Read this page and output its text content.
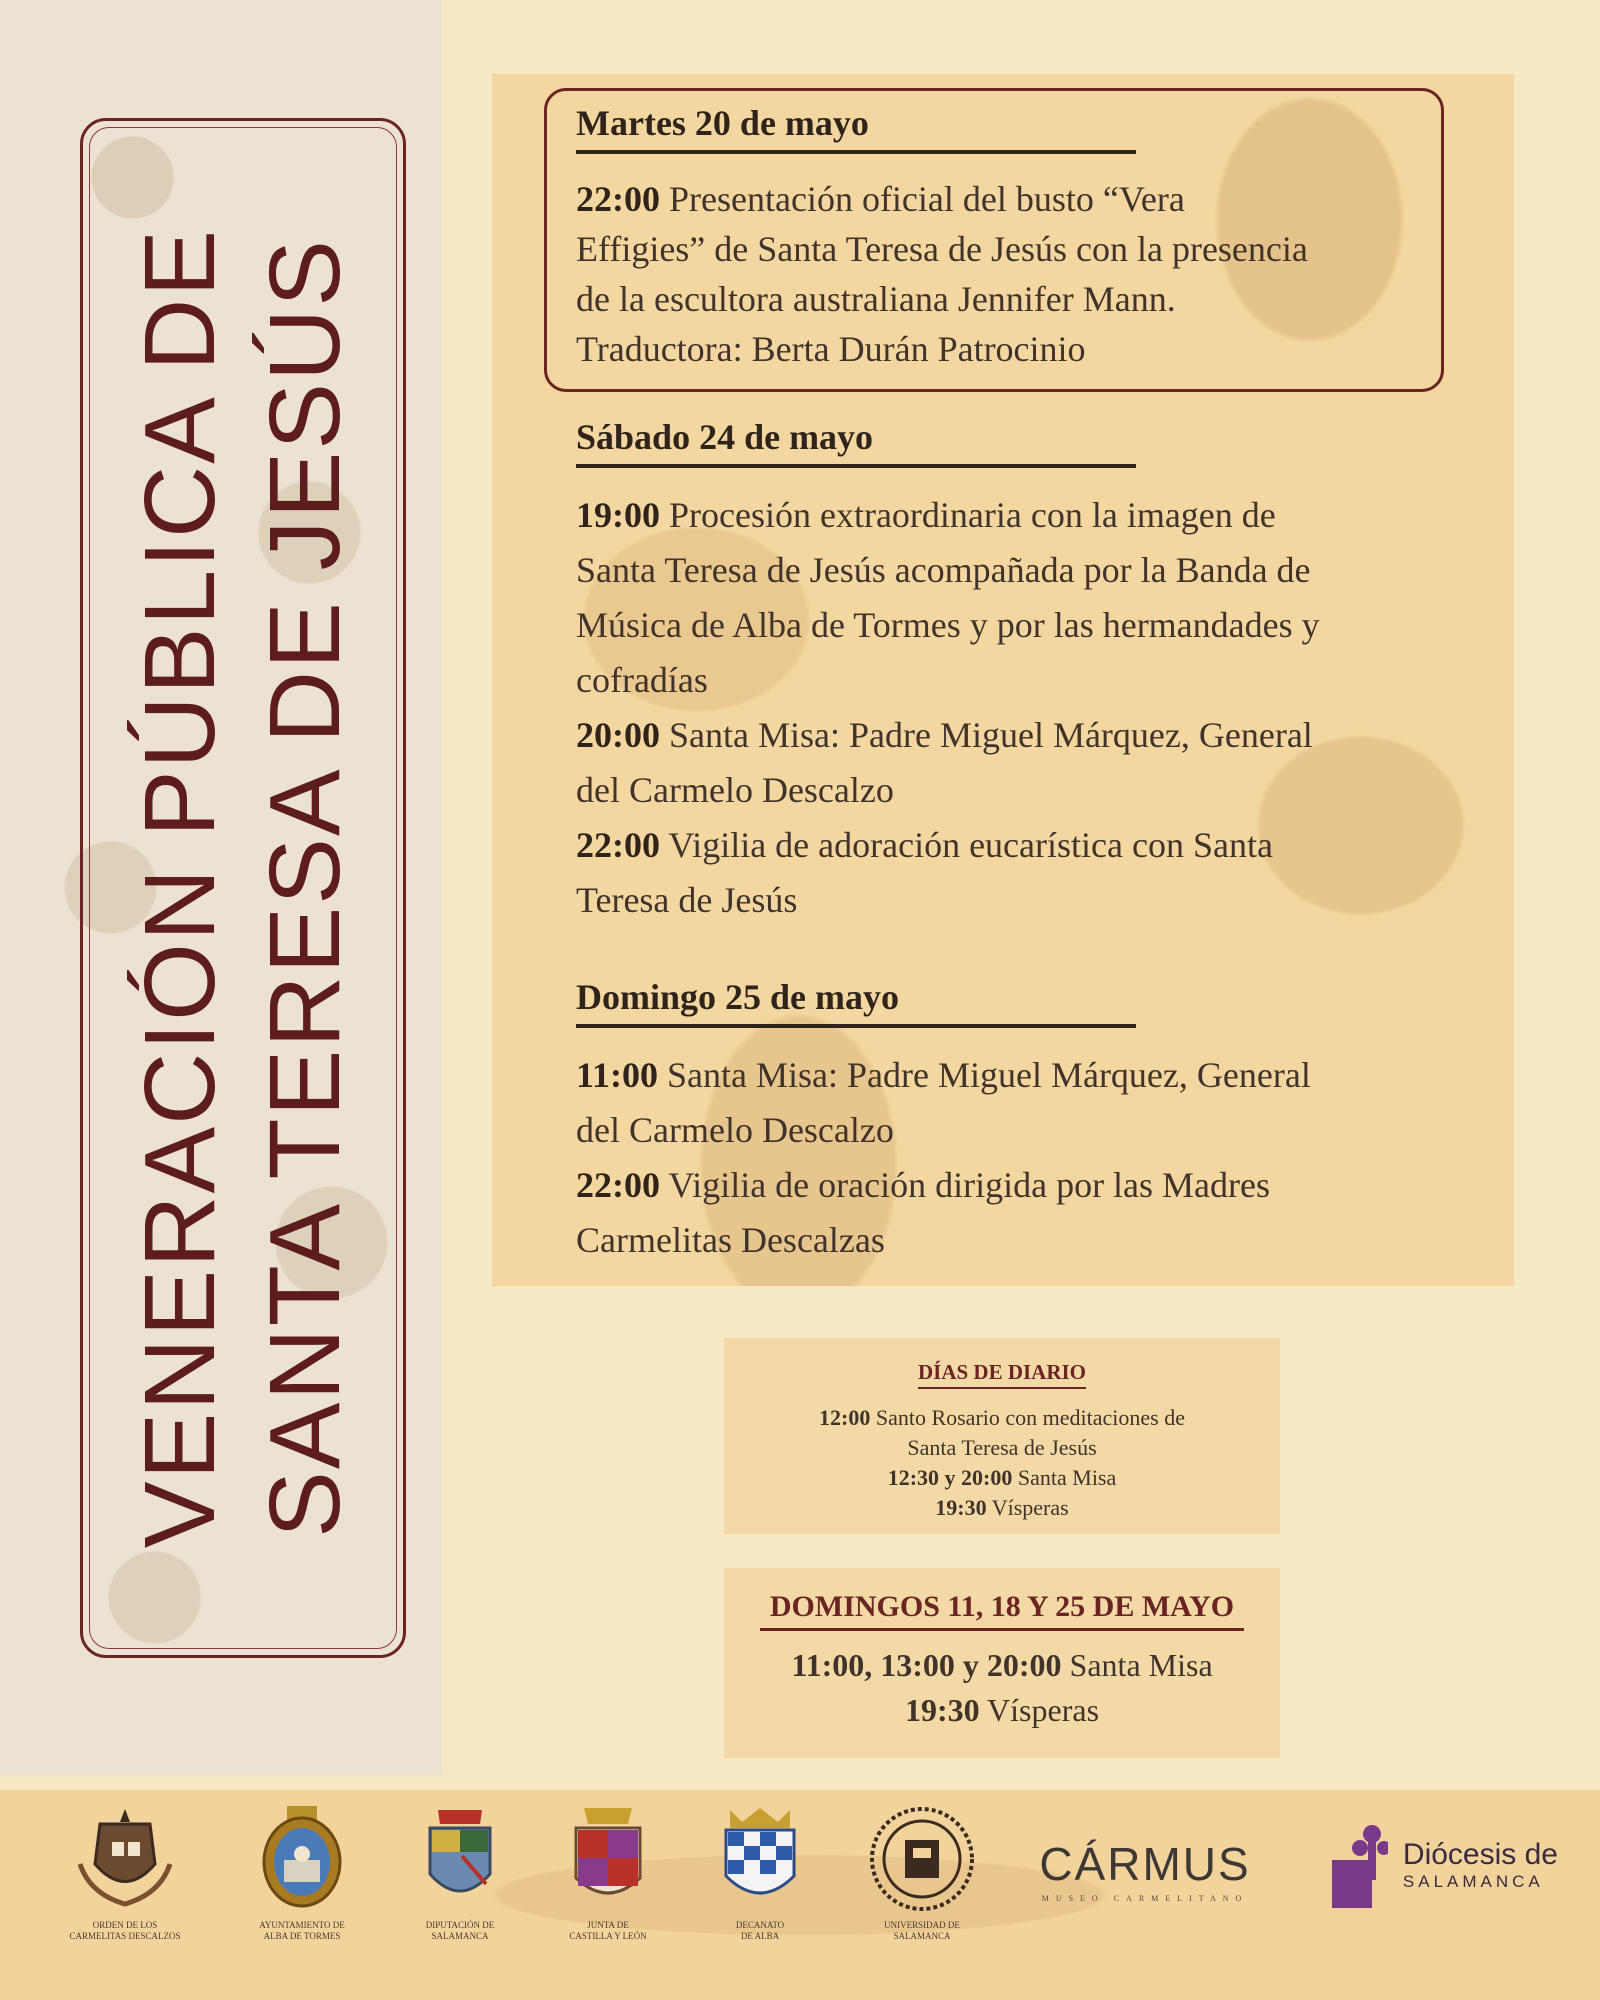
VENERACIÓN PÚBLICA DE SANTA TERESA DE JESÚS
Martes 20 de mayo
22:00 Presentación oficial del busto “Vera
Effigies” de Santa Teresa de Jesús con la presencia
de la escultora australiana Jennifer Mann.
Traductora: Berta Durán Patrocinio
Sábado 24 de mayo
19:00 Procesión extraordinaria con la imagen de
Santa Teresa de Jesús acompañada por la Banda de
Música de Alba de Tormes y por las hermandades y
cofradías
20:00 Santa Misa: Padre Miguel Márquez, General
del Carmelo Descalzo
22:00 Vigilia de adoración eucarística con Santa
Teresa de Jesús
Domingo 25 de mayo
11:00 Santa Misa: Padre Miguel Márquez, General
del Carmelo Descalzo
22:00 Vigilia de oración dirigida por las Madres
Carmelitas Descalzas
DÍAS DE DIARIO
12:00 Santo Rosario con meditaciones de
Santa Teresa de Jesús
12:30 y 20:00 Santa Misa
19:30 Vísperas
DOMINGOS 11, 18 Y 25 DE MAYO
11:00, 13:00 y 20:00 Santa Misa
19:30 Vísperas
ORDEN DE LOS
CARMELITAS DESCALZOS
AYUNTAMIENTO DE
ALBA DE TORMES
DIPUTACIÓN DE
SALAMANCA
JUNTA DE
CASTILLA Y LEÓN
DECANATO
DE ALBA
UNIVERSIDAD DE
SALAMANCA
CÁRMUS
MUSEO CARMELITANO
Diócesis de
SALAMANCA
